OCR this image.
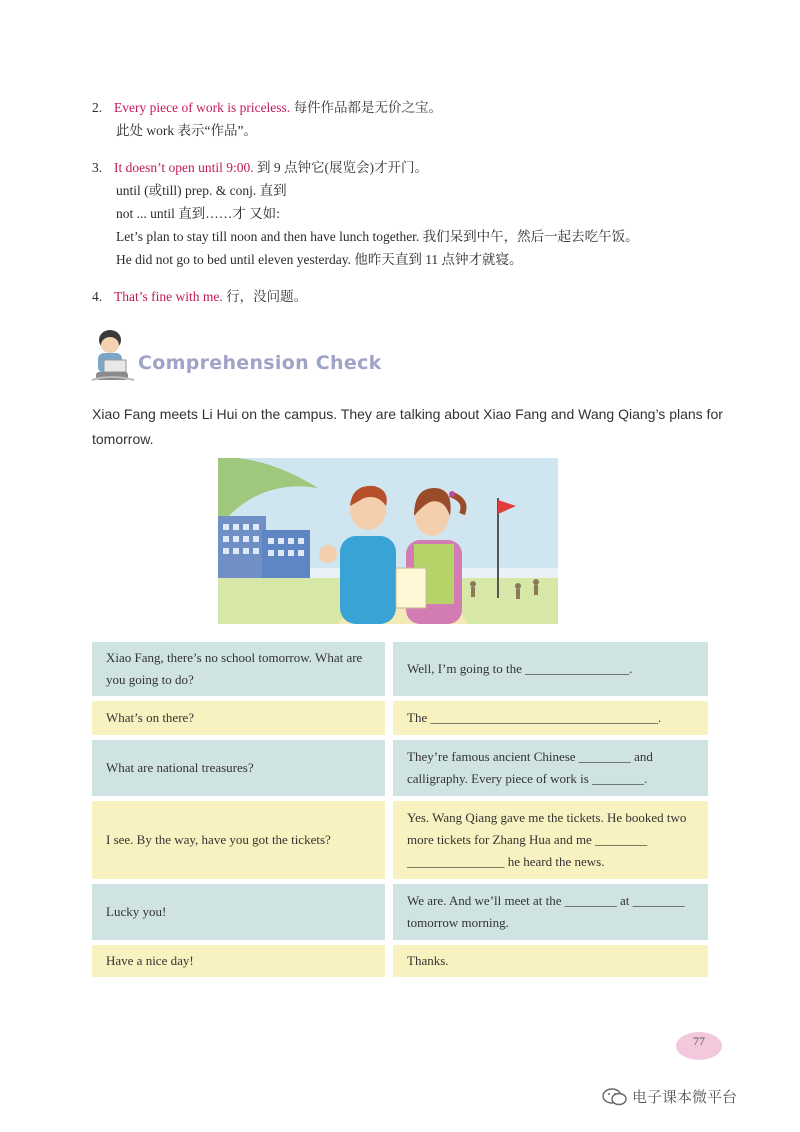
2. Every piece of work is priceless. 每件作品都是无价之宝。
此处 work 表示“作品”。
3. It doesn’t open until 9:00. 到 9 点钟它(展览会)才开门。
until (或till) prep. & conj. 直到
not ... until 直到……才 又如:
Let’s plan to stay till noon and then have lunch together. 我们呆到中午，然后一起去吃午饭。
He did not go to bed until eleven yesterday. 他昨天直到 11 点钟才就寝。
4. That’s fine with me. 行，没问题。
Comprehension Check
Xiao Fang meets Li Hui on the campus. They are talking about Xiao Fang and Wang Qiang’s plans for tomorrow.
Xiao Fang, there’s no school tomorrow. What are you going to do?
Well, I’m going to the ________________.
What’s on there?	The ___________________________________.
What are national treasures?
They’re famous ancient Chinese ________ and calligraphy. Every piece of work is ________.
I see. By the way, have you got the tickets?
Yes. Wang Qiang gave me the tickets. He booked two more tickets for Zhang Hua and me ________ _______________ he heard the news.
Lucky you!
We are. And we’ll meet at the ________ at ________ tomorrow morning.
Have a nice day!	Thanks.
77
电子课本微平台
